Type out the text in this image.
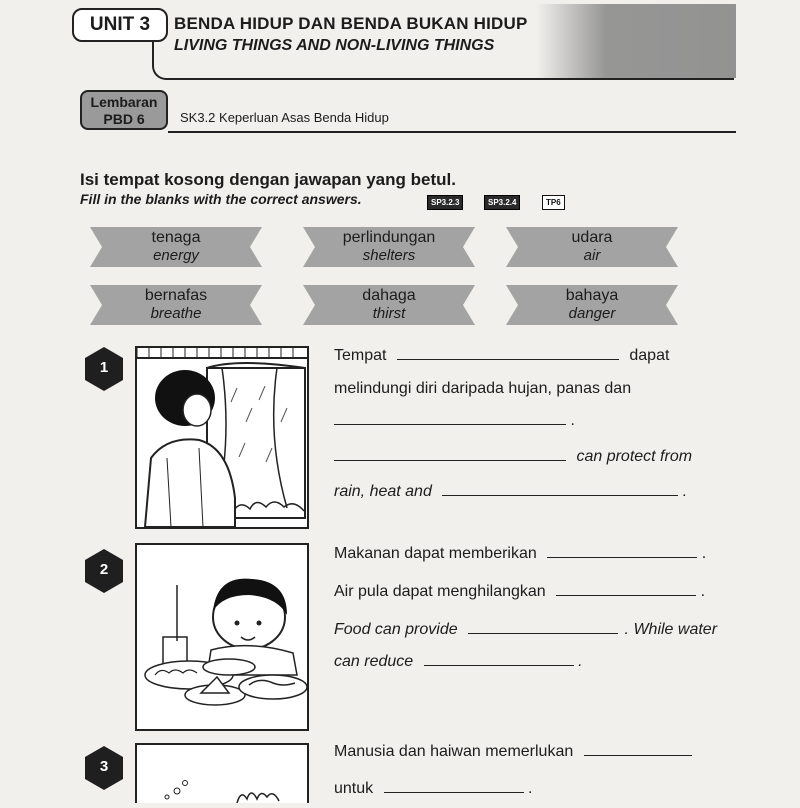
UNIT 3	BENDA HIDUP DAN BENDA BUKAN HIDUP
LIVING THINGS AND NON-LIVING THINGS
Lembaran
PBD 6	SK3.2 Keperluan Asas Benda Hidup
Isi tempat kosong dengan jawapan yang betul.
Fill in the blanks with the correct answers.	SP3.2.3	SP3.2.4	TP6
tenaga
energy
perlindungan
shelters
udara
air
bernafas
breathe
dahaga
thirst
bahaya
danger
1
Tempat	dapat
melindungi diri daripada hujan, panas dan
.
can protect from
rain, heat and	.
2
Makanan dapat memberikan	.
Air pula dapat menghilangkan	.
Food can provide	. While water
can reduce	.
3
Manusia dan haiwan memerlukan
untuk	.
